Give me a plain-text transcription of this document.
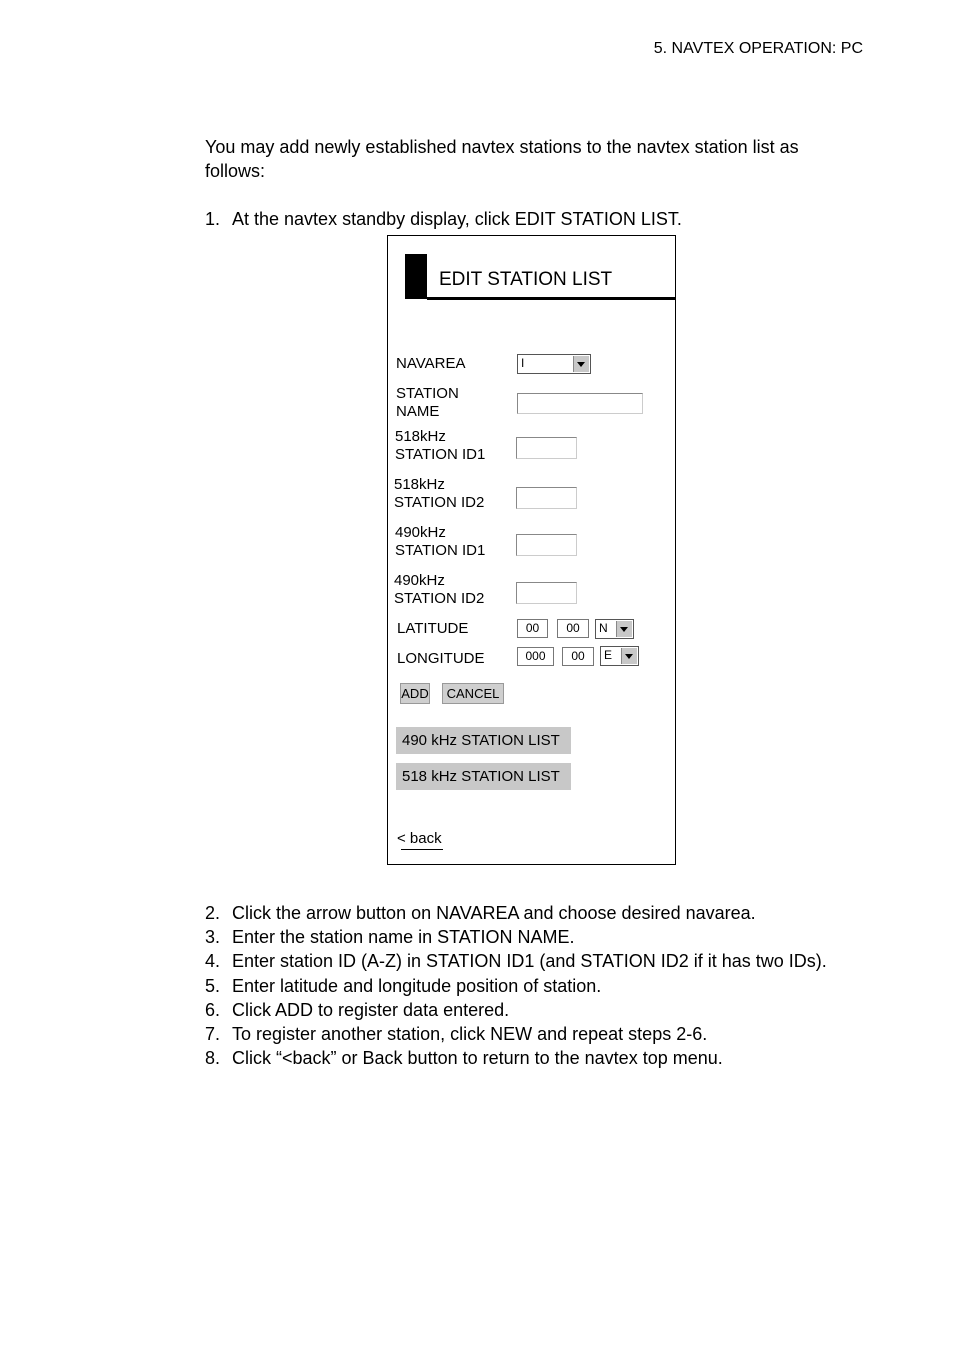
5. NAVTEX OPERATION: PC
You may add newly established navtex stations to the navtex station list as follows:
1. At the navtex standby display, click EDIT STATION LIST.
EDIT STATION LIST
NAVAREA	I
STATION
NAME
518kHz
STATION ID1
518kHz
STATION ID2
490kHz
STATION ID1
490kHz
STATION ID2
LATITUDE	00	00	N
LONGITUDE	000	00	E
ADD	CANCEL
490 kHz STATION LIST
518 kHz STATION LIST
< back
2. Click the arrow button on NAVAREA and choose desired navarea.
3. Enter the station name in STATION NAME.
4. Enter station ID (A-Z) in STATION ID1 (and STATION ID2 if it has two IDs).
5. Enter latitude and longitude position of station.
6. Click ADD to register data entered.
7. To register another station, click NEW and repeat steps 2-6.
8. Click “<back” or Back button to return to the navtex top menu.
